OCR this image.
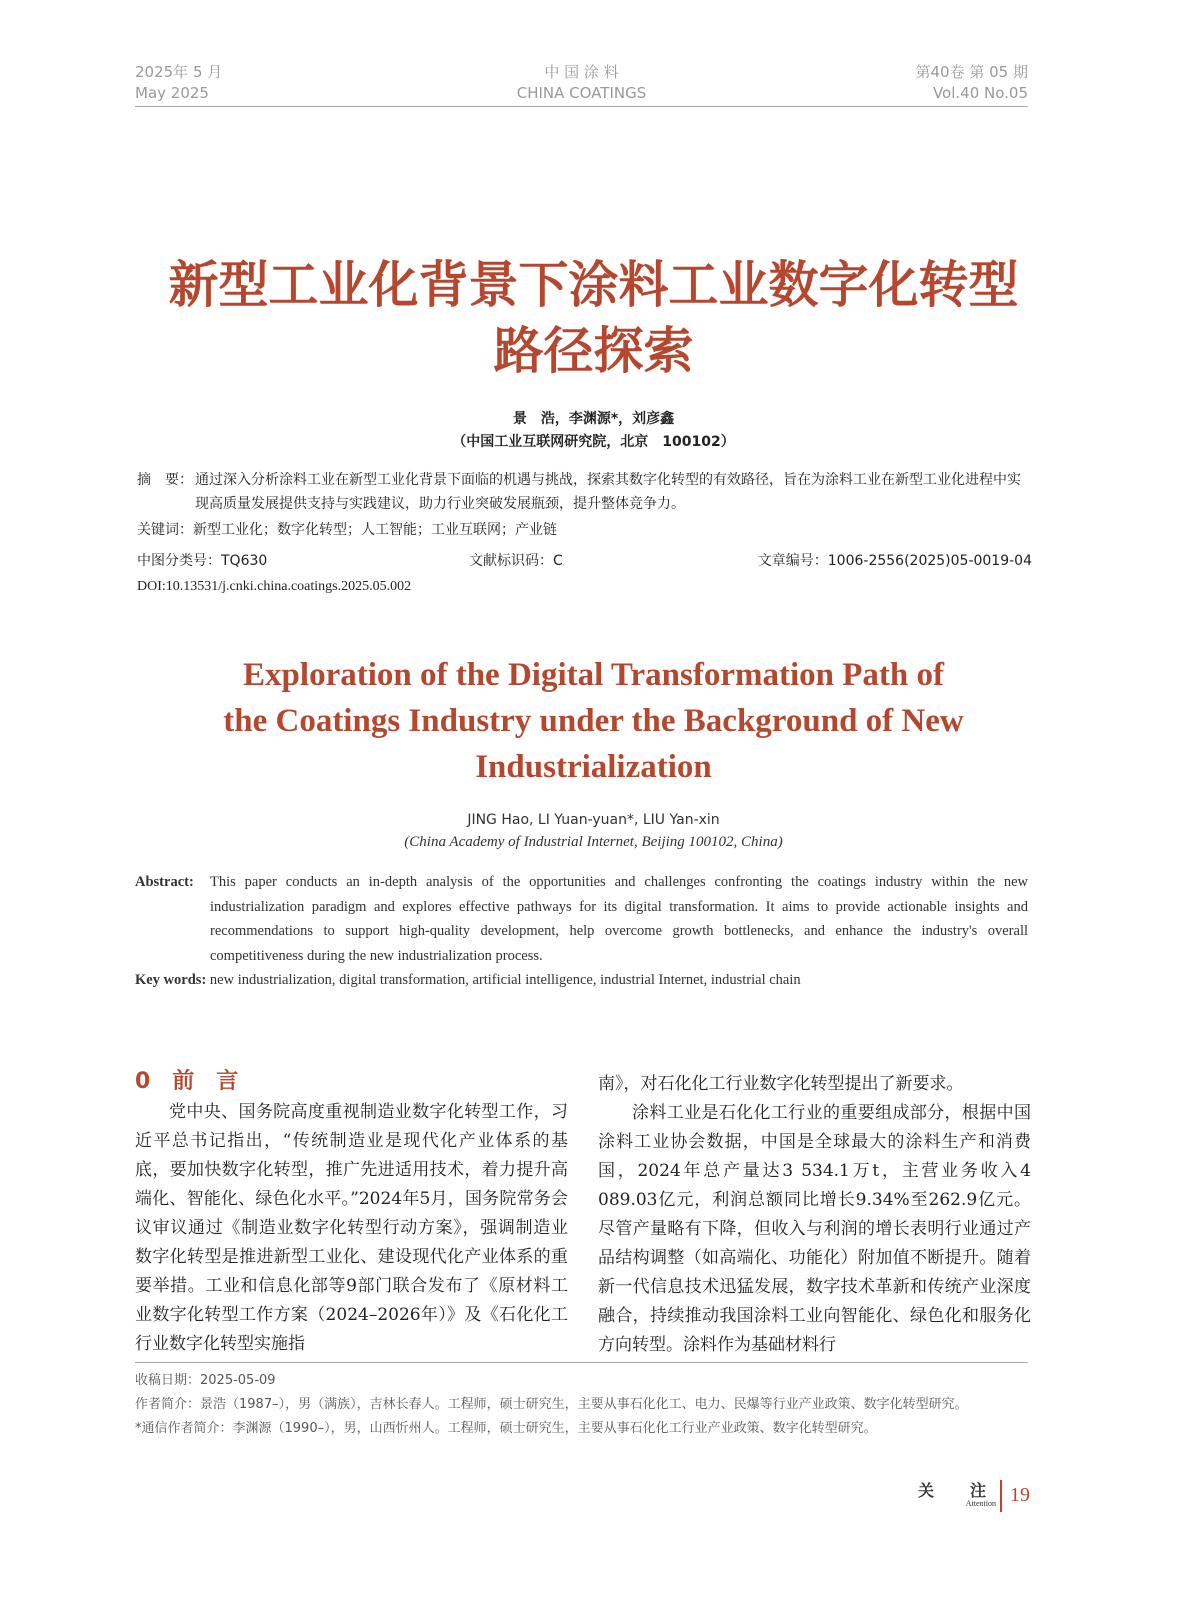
2025年 5 月
May 2025
中 国 涂 料
CHINA COATINGS
第40卷 第 05 期
Vol.40 No.05
新型工业化背景下涂料工业数字化转型
路径探索
景　浩，李渊源*，刘彦鑫
（中国工业互联网研究院，北京　100102）
摘　要： 通过深入分析涂料工业在新型工业化背景下面临的机遇与挑战，探索其数字化转型的有效路径，旨在为涂料工业在新型工业化进程中实现高质量发展提供支持与实践建议，助力行业突破发展瓶颈，提升整体竞争力。
关键词：新型工业化；数字化转型；人工智能；工业互联网；产业链
中图分类号：TQ630	文献标识码：C	文章编号：1006-2556(2025)05-0019-04
DOI:10.13531/j.cnki.china.coatings.2025.05.002
Exploration of the Digital Transformation Path of
the Coatings Industry under the Background of New
Industrialization
JING Hao, LI Yuan-yuan*, LIU Yan-xin
(China Academy of Industrial Internet, Beijing 100102, China)
Abstract: This paper conducts an in-depth analysis of the opportunities and challenges confronting the coatings industry within the new industrialization paradigm and explores effective pathways for its digital transformation. It aims to provide actionable insights and recommendations to support high-quality development, help overcome growth bottlenecks, and enhance the industry's overall competitiveness during the new industrialization process.
Key words: new industrialization, digital transformation, artificial intelligence, industrial Internet, industrial chain
0　前　言

党中央、国务院高度重视制造业数字化转型工作，习近平总书记指出，“传统制造业是现代化产业体系的基底，要加快数字化转型，推广先进适用技术，着力提升高端化、智能化、绿色化水平。”2024年5月，国务院常务会议审议通过《制造业数字化转型行动方案》，强调制造业数字化转型是推进新型工业化、建设现代化产业体系的重要举措。工业和信息化部等9部门联合发布了《原材料工业数字化转型工作方案（2024–2026年）》及《石化化工行业数字化转型实施指

南》，对石化化工行业数字化转型提出了新要求。

涂料工业是石化化工行业的重要组成部分，根据中国涂料工业协会数据，中国是全球最大的涂料生产和消费国，2024年总产量达3 534.1万t，主营业务收入4 089.03亿元，利润总额同比增长9.34%至262.9亿元。尽管产量略有下降，但收入与利润的增长表明行业通过产品结构调整（如高端化、功能化）附加值不断提升。随着新一代信息技术迅猛发展，数字技术革新和传统产业深度融合，持续推动我国涂料工业向智能化、绿色化和服务化方向转型。涂料作为基础材料行

收稿日期：2025-05-09
作者简介：景浩（1987–），男（满族），吉林长春人。工程师，硕士研究生，主要从事石化化工、电力、民爆等行业产业政策、数字化转型研究。
*通信作者简介：李渊源（1990–），男，山西忻州人。工程师，硕士研究生，主要从事石化化工行业产业政策、数字化转型研究。
关　注
Attention 19
